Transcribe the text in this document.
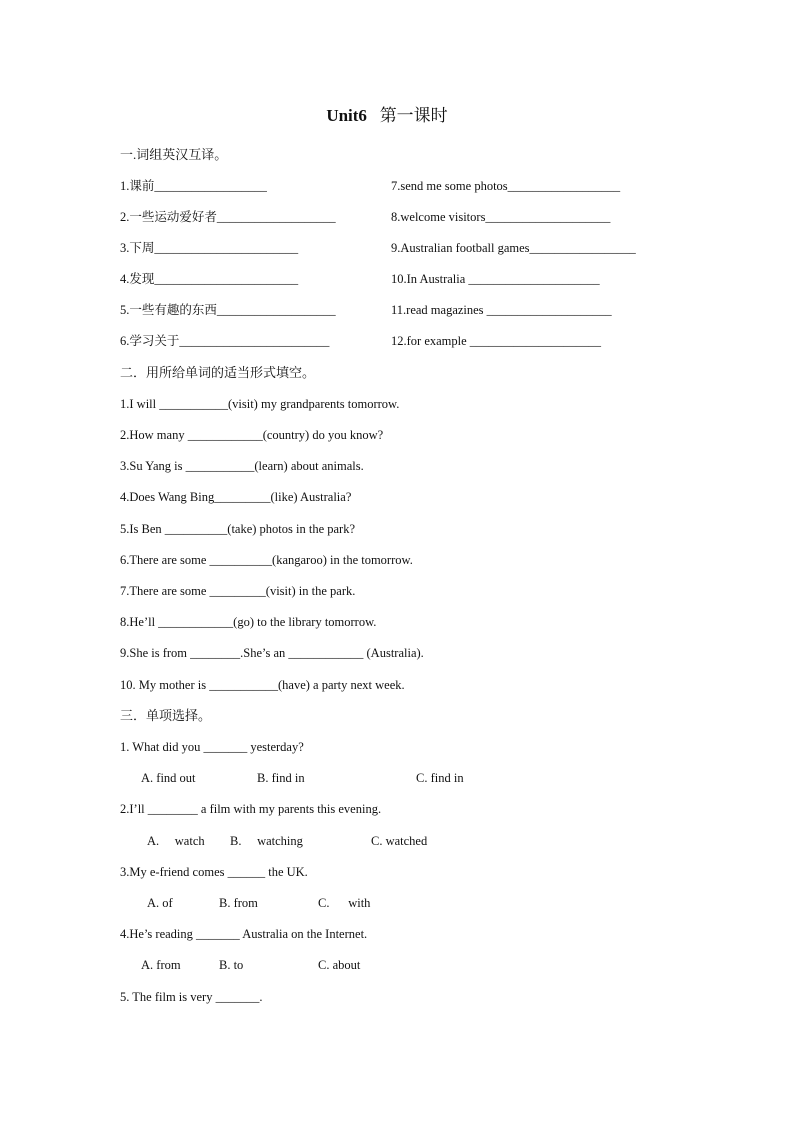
Unit6 第一课时
一.词组英汉互译。
1.课前__________________	7.send me some photos__________________
2.一些运动爱好者___________________	8.welcome visitors____________________
3.下周_______________________	9.Australian football games_________________
4.发现_______________________	10.In Australia _____________________
5.一些有趣的东西___________________	11.read magazines ____________________
6.学习关于________________________	12.for example _____________________
二．用所给单词的适当形式填空。
1.I will ___________(visit) my grandparents tomorrow.
2.How many ____________(country) do you know?
3.Su Yang is ___________(learn) about animals.
4.Does Wang Bing_________(like) Australia?
5.Is Ben __________(take) photos in the park?
6.There are some __________(kangaroo) in the tomorrow.
7.There are some _________(visit) in the park.
8.He’ll ____________(go) to the library tomorrow.
9.She is from ________.She’s an ____________ (Australia).
10. My mother is ___________(have) a party next week.
三．单项选择。
1. What did you _______ yesterday?
A. find out	B. find in	C. find in
2.I’ll ________ a film with my parents this evening.
A.     watch B.     watching	C. watched
3.My e-friend comes ______ the UK.
A. of	B. from	C.      with
4.He’s reading _______ Australia on the Internet.
A. from	B. to	C. about
5. The film is very _______.
